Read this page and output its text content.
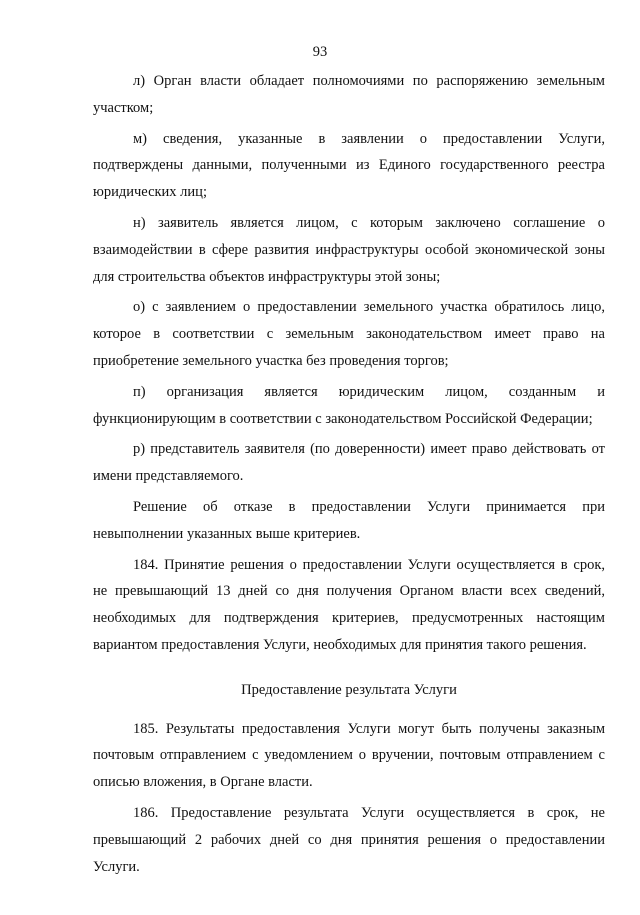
93

л) Орган власти обладает полномочиями по распоряжению земельным участком;

м) сведения, указанные в заявлении о предоставлении Услуги, подтверждены данными, полученными из Единого государственного реестра юридических лиц;

н) заявитель является лицом, с которым заключено соглашение о взаимодействии в сфере развития инфраструктуры особой экономической зоны для строительства объектов инфраструктуры этой зоны;

о) с заявлением о предоставлении земельного участка обратилось лицо, которое в соответствии с земельным законодательством имеет право на приобретение земельного участка без проведения торгов;

п) организация является юридическим лицом, созданным и функционирующим в соответствии с законодательством Российской Федерации;

р) представитель заявителя (по доверенности) имеет право действовать от имени представляемого.

Решение об отказе в предоставлении Услуги принимается при невыполнении указанных выше критериев.

184. Принятие решения о предоставлении Услуги осуществляется в срок, не превышающий 13 дней со дня получения Органом власти всех сведений, необходимых для подтверждения критериев, предусмотренных настоящим вариантом предоставления Услуги, необходимых для принятия такого решения.

Предоставление результата Услуги

185. Результаты предоставления Услуги могут быть получены заказным почтовым отправлением с уведомлением о вручении, почтовым отправлением с описью вложения, в Органе власти.

186. Предоставление результата Услуги осуществляется в срок, не превышающий 2 рабочих дней со дня принятия решения о предоставлении Услуги.
